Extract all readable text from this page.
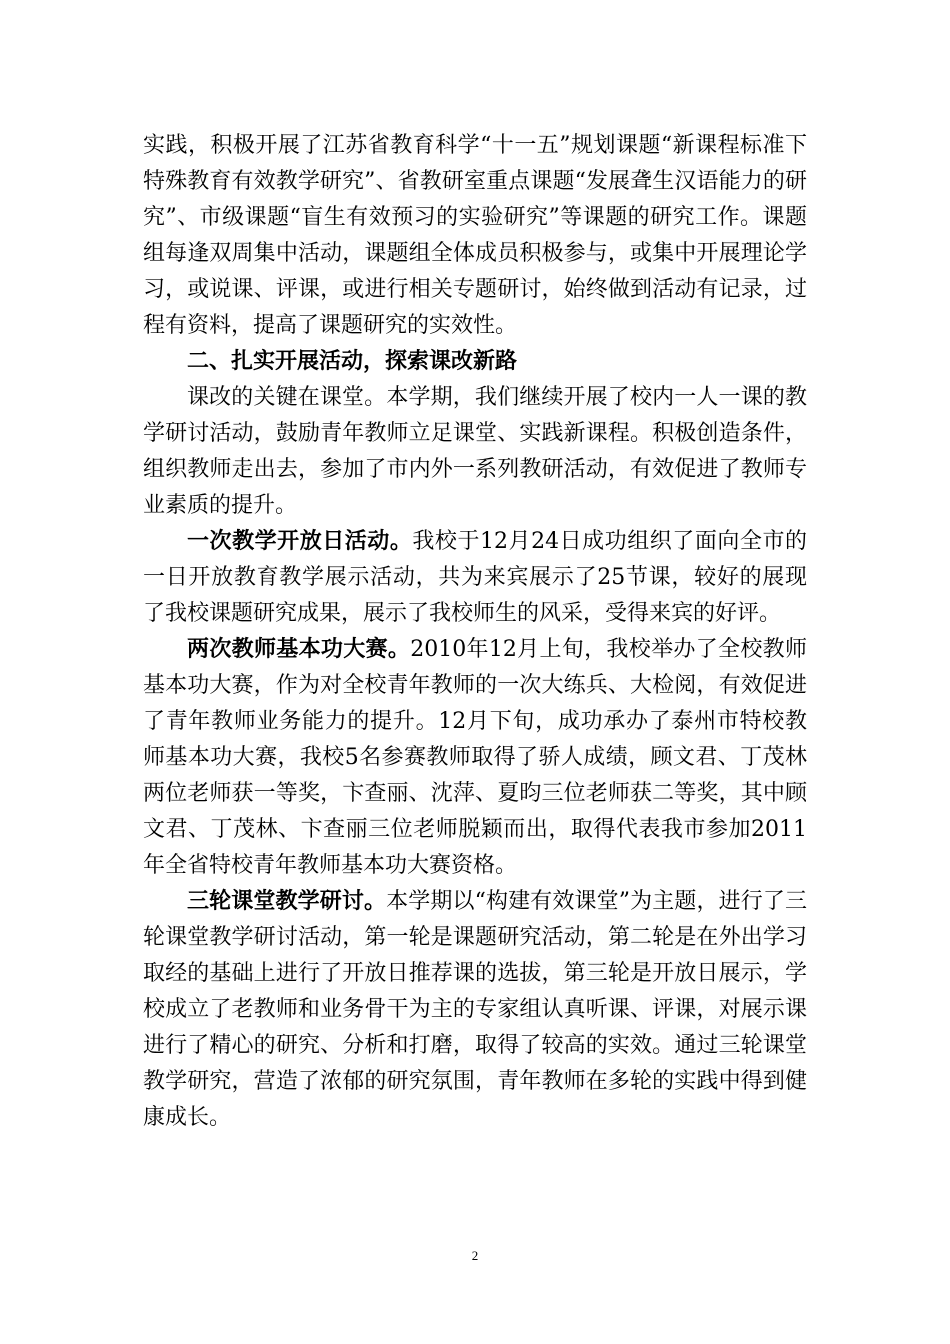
实践，积极开展了江苏省教育科学“十一五”规划课题“新课程标准下特殊教育有效教学研究”、省教研室重点课题“发展聋生汉语能力的研究”、市级课题“盲生有效预习的实验研究”等课题的研究工作。课题组每逢双周集中活动，课题组全体成员积极参与，或集中开展理论学习，或说课、评课，或进行相关专题研讨，始终做到活动有记录，过程有资料，提高了课题研究的实效性。

二、扎实开展活动，探索课改新路

课改的关键在课堂。本学期，我们继续开展了校内一人一课的教学研讨活动，鼓励青年教师立足课堂、实践新课程。积极创造条件，组织教师走出去，参加了市内外一系列教研活动，有效促进了教师专业素质的提升。

一次教学开放日活动。我校于12月24日成功组织了面向全市的一日开放教育教学展示活动，共为来宾展示了25节课，较好的展现了我校课题研究成果，展示了我校师生的风采，受得来宾的好评。

两次教师基本功大赛。2010年12月上旬，我校举办了全校教师基本功大赛，作为对全校青年教师的一次大练兵、大检阅，有效促进了青年教师业务能力的提升。12月下旬，成功承办了泰州市特校教师基本功大赛，我校5名参赛教师取得了骄人成绩，顾文君、丁茂林两位老师获一等奖，卞查丽、沈萍、夏昀三位老师获二等奖，其中顾文君、丁茂林、卞查丽三位老师脱颖而出，取得代表我市参加2011年全省特校青年教师基本功大赛资格。

三轮课堂教学研讨。本学期以“构建有效课堂”为主题，进行了三轮课堂教学研讨活动，第一轮是课题研究活动，第二轮是在外出学习取经的基础上进行了开放日推荐课的选拔，第三轮是开放日展示，学校成立了老教师和业务骨干为主的专家组认真听课、评课，对展示课进行了精心的研究、分析和打磨，取得了较高的实效。通过三轮课堂教学研究，营造了浓郁的研究氛围，青年教师在多轮的实践中得到健康成长。

2
